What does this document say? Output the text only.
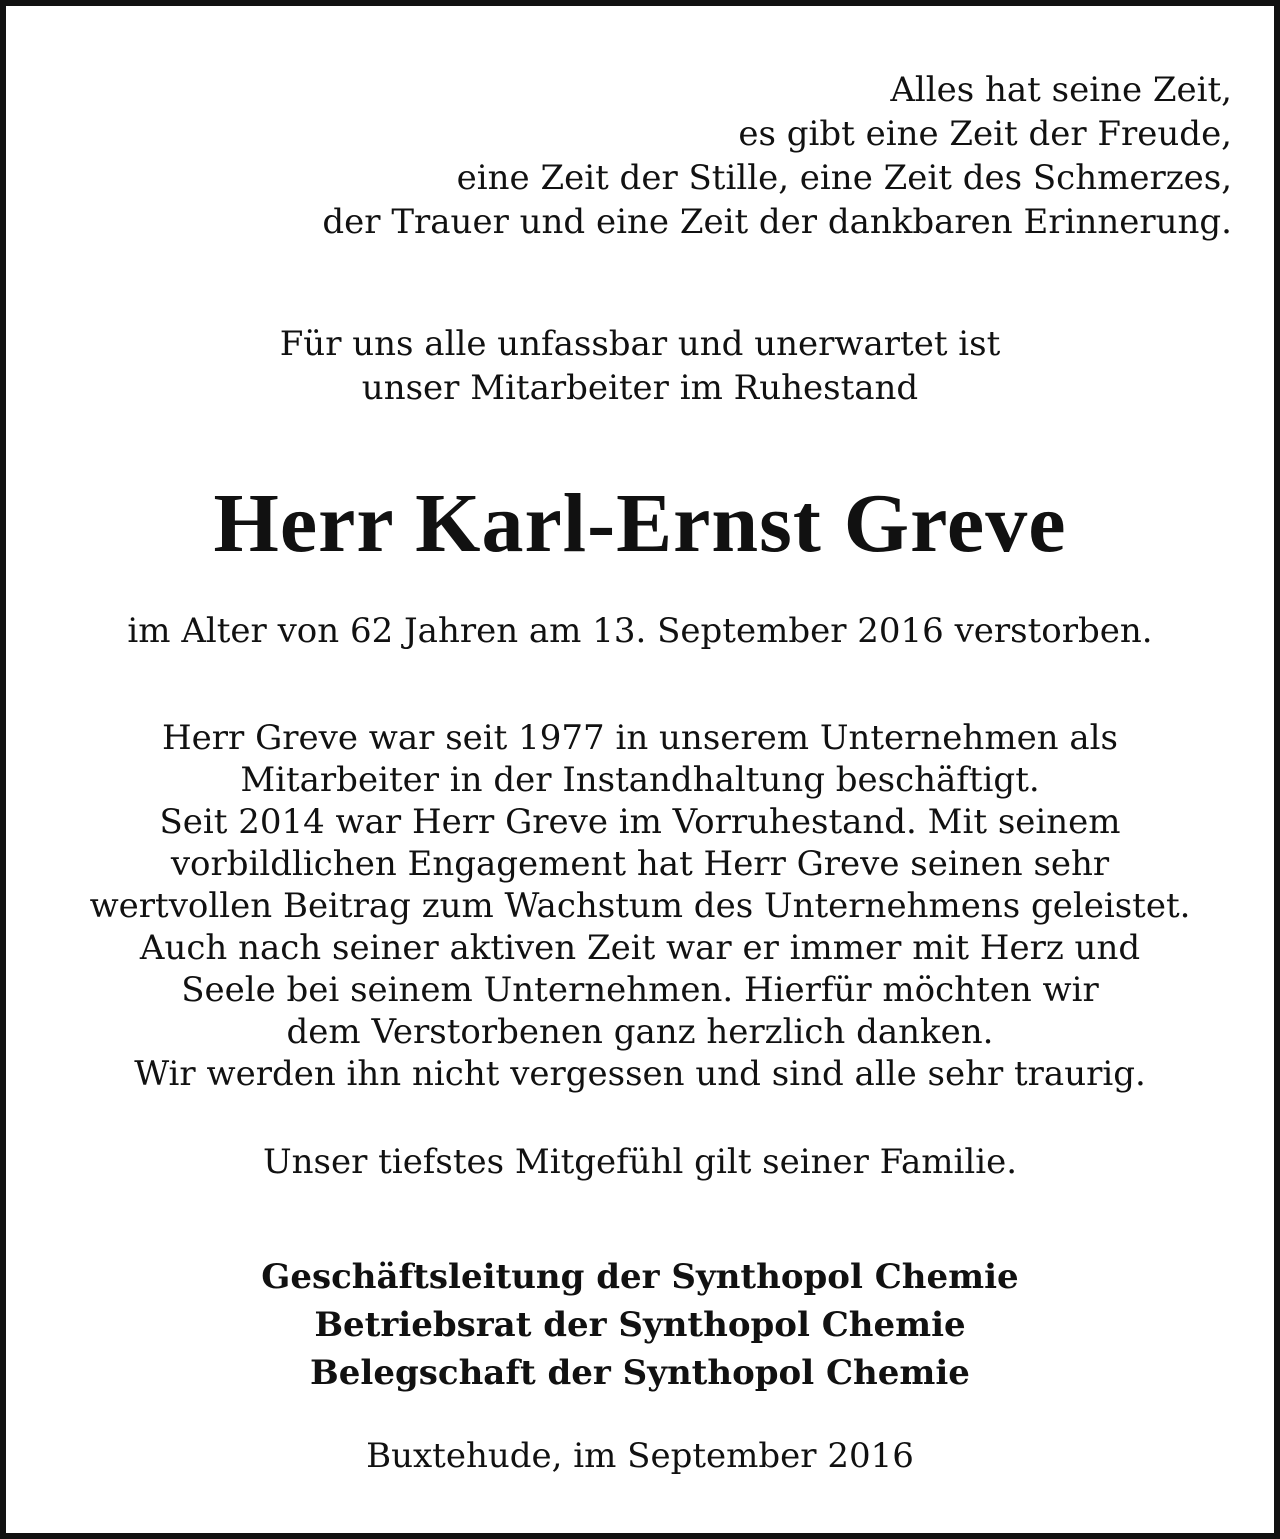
Alles hat seine Zeit,
es gibt eine Zeit der Freude,
eine Zeit der Stille, eine Zeit des Schmerzes,
der Trauer und eine Zeit der dankbaren Erinnerung.

Für uns alle unfassbar und unerwartet ist
unser Mitarbeiter im Ruhestand

Herr Karl-Ernst Greve

im Alter von 62 Jahren am 13. September 2016 verstorben.

Herr Greve war seit 1977 in unserem Unternehmen als
Mitarbeiter in der Instandhaltung beschäftigt.
Seit 2014 war Herr Greve im Vorruhestand. Mit seinem
vorbildlichen Engagement hat Herr Greve seinen sehr
wertvollen Beitrag zum Wachstum des Unternehmens geleistet.
Auch nach seiner aktiven Zeit war er immer mit Herz und
Seele bei seinem Unternehmen. Hierfür möchten wir
dem Verstorbenen ganz herzlich danken.
Wir werden ihn nicht vergessen und sind alle sehr traurig.

Unser tiefstes Mitgefühl gilt seiner Familie.

Geschäftsleitung der Synthopol Chemie
Betriebsrat der Synthopol Chemie
Belegschaft der Synthopol Chemie

Buxtehude, im September 2016
